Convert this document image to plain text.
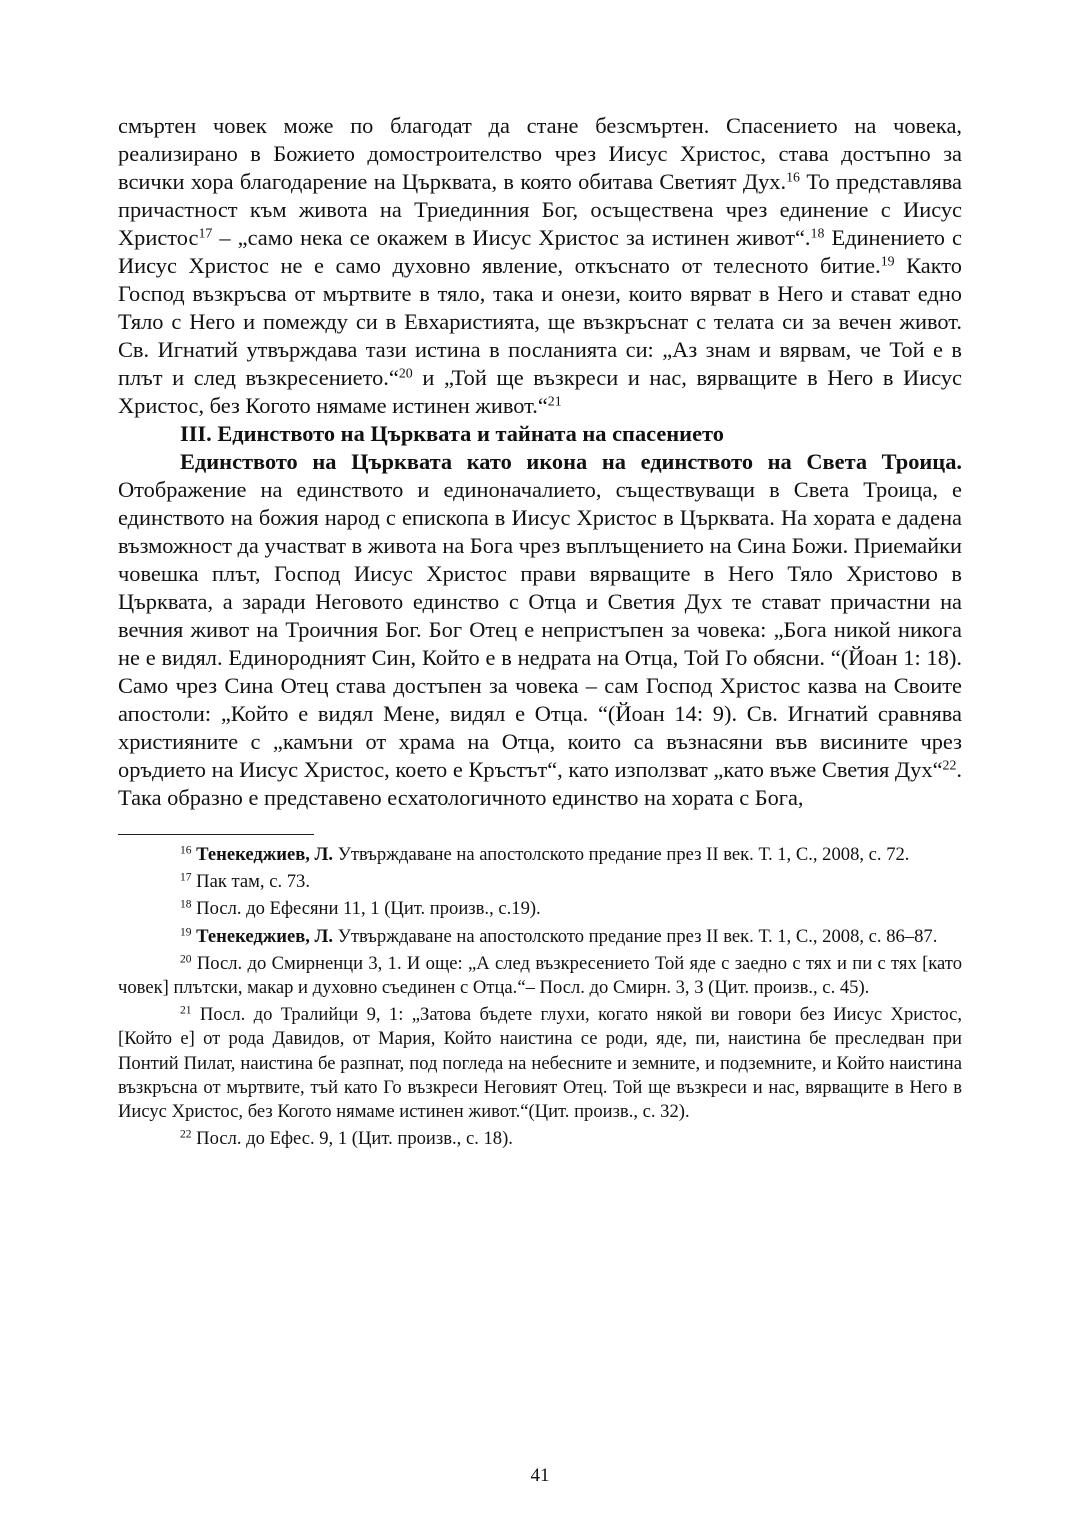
смъртен човек може по благодат да стане безсмъртен. Спасението на човека, реализирано в Божието домостроителство чрез Иисус Христос, става достъпно за всички хора благодарение на Църквата, в която обитава Светият Дух.$^{16}$ То представлява причастност към живота на Триединния Бог, осъществена чрез единение с Иисус Христос$^{17}$ – „само нека се окажем в Иисус Христос за истинен живот“.$^{18}$ Единението с Иисус Христос не е само духовно явление, откъснато от телесното битие.$^{19}$ Както Господ възкръсва от мъртвите в тяло, така и онези, които вярват в Него и стават едно Тяло с Него и помежду си в Евхаристията, ще възкръснат с телата си за вечен живот. Св. Игнатий утвърждава тази истина в посланията си: „Аз знам и вярвам, че Той е в плът и след възкресението.“$^{20}$ и „Той ще възкреси и нас, вярващите в Него в Иисус Христос, без Когото нямаме истинен живот.“$^{21}$

III. Единството на Църквата и тайната на спасението

Единството на Църквата като икона на единството на Света Троица. Отображение на единството и единоначалието, съществуващи в Света Троица, е единството на божия народ с епископа в Иисус Христос в Църквата. На хората е дадена възможност да участват в живота на Бога чрез въплъщението на Сина Божи. Приемайки човешка плът, Господ Иисус Христос прави вярващите в Него Тяло Христово в Църквата, а заради Неговото единство с Отца и Светия Дух те стават причастни на вечния живот на Троичния Бог. Бог Отец е непристъпен за човека: „Бога никой никога не е видял. Единородният Син, Който е в недрата на Отца, Той Го обясни. “(Йоан 1: 18). Само чрез Сина Отец става достъпен за човека – сам Господ Христос казва на Своите апостоли: „Който е видял Мене, видял е Отца. “(Йоан 14: 9). Св. Игнатий сравнява християните с „камъни от храма на Отца, които са възнасяни във висините чрез оръдието на Иисус Христос, което е Кръстът“, като използват „като въже Светия Дух“$^{22}$. Така образно е представено есхатологичното единство на хората с Бога,

$^{16}$ Тенекеджиев, Л. Утвърждаване на апостолското предание през II век. Т. 1, С., 2008, с. 72.

$^{17}$ Пак там, с. 73.

$^{18}$ Посл. до Ефесяни 11, 1 (Цит. произв., с.19).

$^{19}$ Тенекеджиев, Л. Утвърждаване на апостолското предание през II век. Т. 1, С., 2008, с. 86–87.

$^{20}$ Посл. до Смирненци 3, 1. И още: „А след възкресението Той яде с заедно с тях и пи с тях [като човек] плътски, макар и духовно съединен с Отца.“– Посл. до Смирн. 3, 3 (Цит. произв., с. 45).

$^{21}$ Посл. до Тралийци 9, 1: „Затова бъдете глухи, когато някой ви говори без Иисус Христос, [Който е] от рода Давидов, от Мария, Който наистина се роди, яде, пи, наистина бе преследван при Понтий Пилат, наистина бе разпнат, под погледа на небесните и земните, и подземните, и Който наистина възкръсна от мъртвите, тъй като Го възкреси Неговият Отец. Той ще възкреси и нас, вярващите в Него в Иисус Христос, без Когото нямаме истинен живот.“(Цит. произв., с. 32).

$^{22}$ Посл. до Ефес. 9, 1 (Цит. произв., с. 18).

41
